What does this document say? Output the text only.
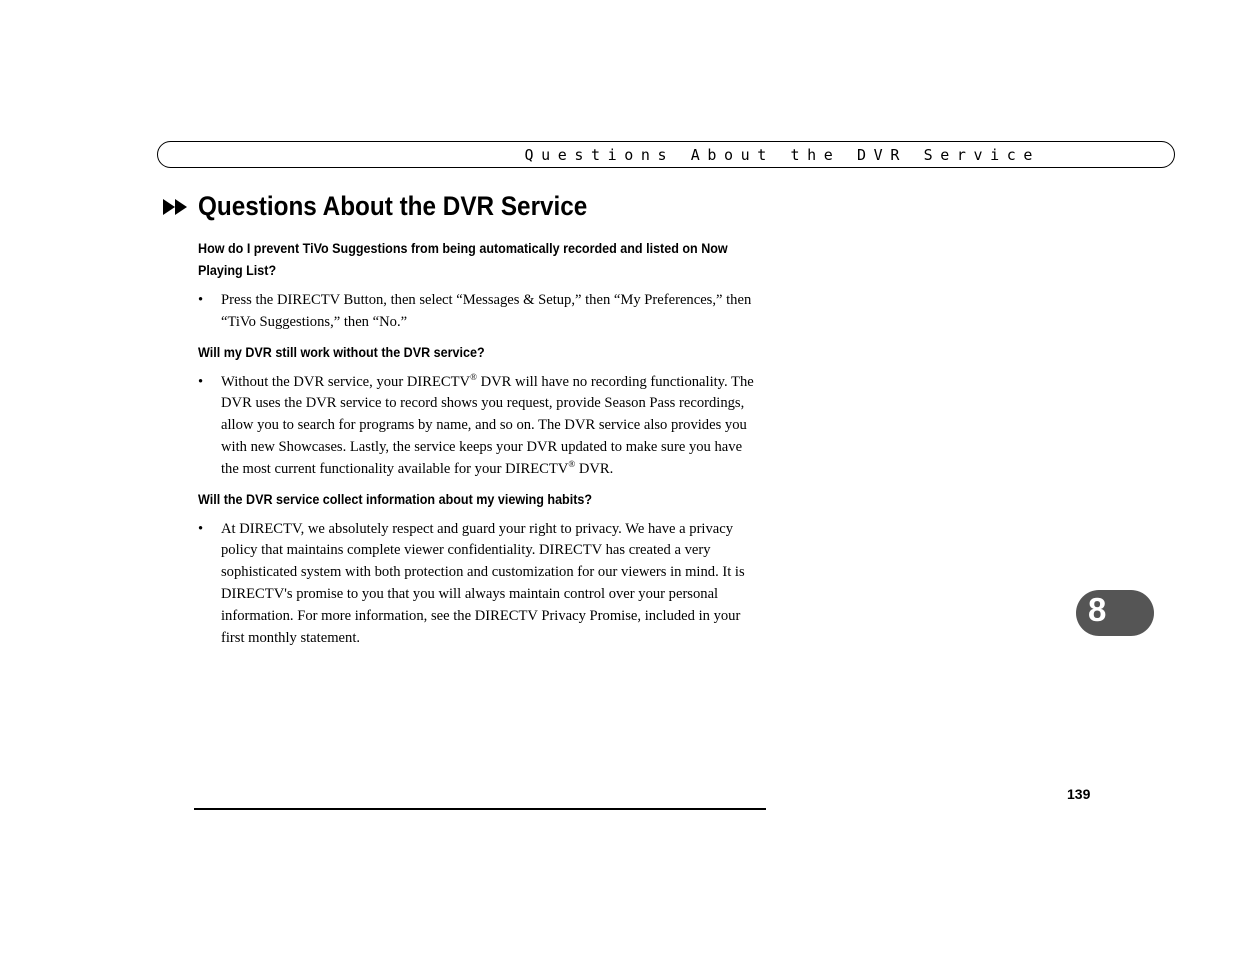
Questions About the DVR Service
Questions About the DVR Service

How do I prevent TiVo Suggestions from being automatically recorded and listed on Now Playing List?

• Press the DIRECTV Button, then select “Messages & Setup,” then “My Preferences,” then “TiVo Suggestions,” then “No.”

Will my DVR still work without the DVR service?

• Without the DVR service, your DIRECTV® DVR will have no recording functionality. The DVR uses the DVR service to record shows you request, provide Season Pass recordings, allow you to search for programs by name, and so on. The DVR service also provides you with new Showcases. Lastly, the service keeps your DVR updated to make sure you have the most current functionality available for your DIRECTV® DVR.

Will the DVR service collect information about my viewing habits?

• At DIRECTV, we absolutely respect and guard your right to privacy. We have a privacy policy that maintains complete viewer confidentiality. DIRECTV has created a very sophisticated system with both protection and customization for our viewers in mind. It is DIRECTV's promise to you that you will always maintain control over your personal information. For more information, see the DIRECTV Privacy Promise, included in your first monthly statement.
8
139
